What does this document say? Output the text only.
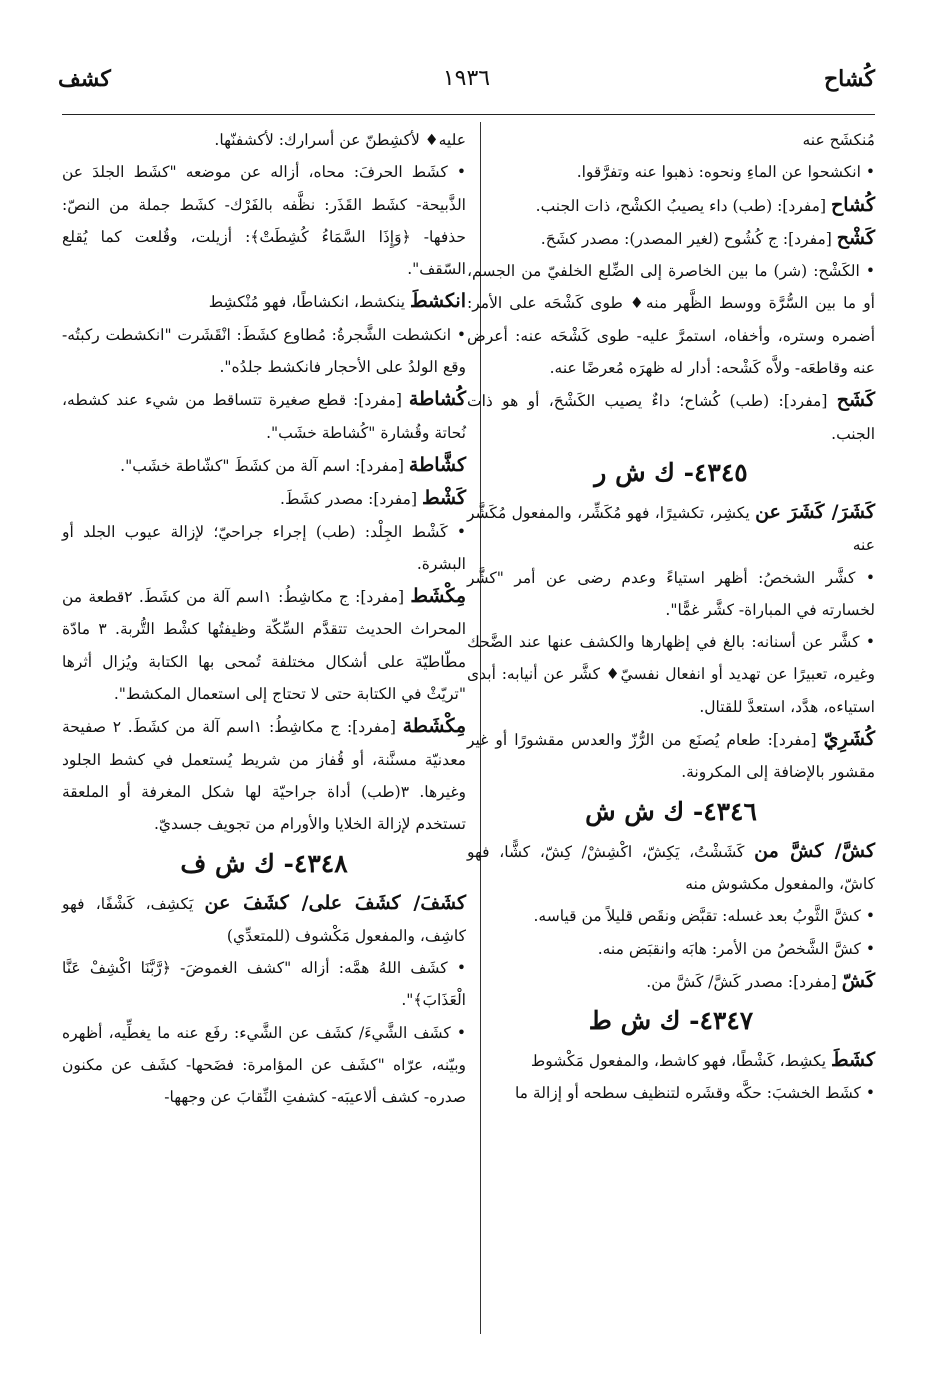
كُشاح
١٩٣٦
كشف

مُنكشَح عنه

• انكشحوا عن الماءِ ونحوه: ذهبوا عنه وتفرَّقوا.

كُشاح [مفرد]: (طب) داء يصيبُ الكشْح، ذات الجنب.

كَشْح [مفرد]: ج كُشُوح (لغير المصدر): مصدر كشَحَ.

• الكَشْح: (شر) ما بين الخاصرة إلى الضِّلع الخلفيّ من الجسم، أو ما بين السُّرَّة ووسط الظَّهر منه♦ طوى كَشْحَه على الأمر: أضمره وستره، وأخفاه، استمرَّ عليه- طوى كَشْحَه عنه: أعرض عنه وقاطعَه- ولاَّه كَشْحه: أدار له ظهرَه مُعرضًا عنه.

كَشَح [مفرد]: (طب) كُشاح؛ داءٌ يصيب الكَشْحَ، أو هو ذات الجنب.

٤٣٤٥- ك ش ر

كَشَرَ/ كَشَرَ عن يكشِر، تكشيرًا، فهو مُكَشِّر، والمفعول مُكَشَّر عنه

• كشَّر الشخصُ: أظهر استياءً وعدم رضى عن أمر "كشَّر لخسارته في المباراة- كشَّر غمًّا".

• كشَّر عن أسنانه: بالغ في إظهارها والكشف عنها عند الضَّحك وغيره، تعبيرًا عن تهديد أو انفعال نفسيّ♦ كشَّر عن أنيابه: أبدى استياءه، هدَّد، استعدَّ للقتال.

كُشَرِيّ [مفرد]: طعام يُصنَع من الرُّزّ والعدس مقشورًا أو غير مقشور بالإضافة إلى المكرونة.

٤٣٤٦- ك ش ش

كشَّ/ كشَّ من كَشَشْتُ، يَكِشّ، اكْشِشْ/ كِشّ، كشًّا، فهو كاشّ، والمفعول مكشوش منه

• كشَّ الثَّوبُ بعد غسله: تقبَّض ونقَص قليلاً من قياسه.

• كشَّ الشَّخصُ من الأمر: هابَه وانقبَض منه.

كَشّ [مفرد]: مصدر كَشَّ/ كَشَّ من.

٤٣٤٧- ك ش ط

كشَطَ يكشِط، كَشْطًا، فهو كاشط، والمفعول مَكْشوط

• كشَط الخشبَ: حكَّه وقشَره لتنظيف سطحه أو إزالة ما

عليه♦ لأكشِطنّ عن أسرارك: لأكشفنّها.

• كشَط الحرفَ: محاه، أزاله عن موضعه "كشَط الجلدَ عن الذَّبيحة- كشَط القَذَر: نظَّفه بالفَرْك- كشَط جملة من النصّ: حذفها- ﴿وَإِذَا السَّمَاءُ كُشِطَتْ﴾: أزيلت، وقُلعت كما يُقلع السّقف".

انكشطَ ينكشط، انكشاطًا، فهو مُنْكشِط

• انكشطت الشَّجرةُ: مُطاوع كشَطَ: انْقَشَرت "انكشطت ركبتُه- وقع الولدُ على الأحجار فانكشط جلدُه".

كُشاطة [مفرد]: قطع صغيرة تتساقط من شيء عند كشطه، نُحاتة وقُشارة "كُشاطة خشَب".

كشَّاطة [مفرد]: اسم آلة من كشَطَ "كشّاطة خشَب".

كَشْط [مفرد]: مصدر كشَطَ.

• كَشْط الجِلْد: (طب) إجراء جراحيّ؛ لإزالة عيوب الجلد أو البشرة.

مِكْشَط [مفرد]: ج مكاشِطُ: ١اسم آلة من كشَطَ. ٢قطعة من المحراث الحديث تتقدَّم السِّكّة وظيفتُها كشْط التُّربة. ٣ مادّة مطّاطيّة على أشكال مختلفة تُمحى بها الكتابة ويُزال أثرها "تريّثْ في الكتابة حتى لا تحتاج إلى استعمال المكشط".

مِكْشَطة [مفرد]: ج مكاشِطُ: ١اسم آلة من كشَطَ. ٢ صفيحة معدنيّة مسنَّنة، أو قُفاز من شريط يُستعمل في كشط الجلود وغيرها. ٣(طب) أداة جراحيّة لها شكل المغرفة أو الملعقة تستخدم لإزالة الخلايا والأورام من تجويف جسديّ.

٤٣٤٨- ك ش ف

كشَفَ/ كشَفَ على/ كشَفَ عن يَكشِف، كَشْفًا، فهو كاشِف، والمفعول مَكْشوف (للمتعدِّي)

• كشَف اللهُ همَّه: أزاله "كشف الغموضَ- ﴿رَّبَّنَا اكْشِفْ عَنَّا الْعَذَابَ﴾".

• كشَف الشَّيءَ/ كشَف عن الشَّيء: رفَع عنه ما يغطِّيه، أظهره وبيّنه، عرّاه "كشَف عن المؤامرة: فضَحها- كشَف عن مكنون صدره- كشف ألاعيبَه- كشفتِ النِّقابَ عن وجهها-
